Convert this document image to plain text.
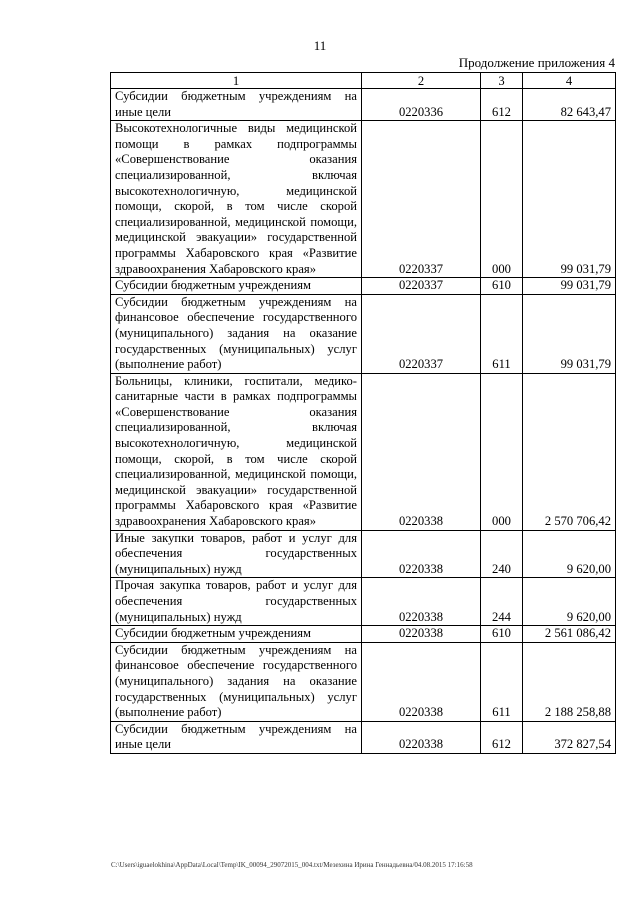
11
Продолжение приложения 4
1	2	3	4
Субсидии бюджетным учреждениям на иные цели	0220336	612	82 643,47
Высокотехнологичные виды медицинской помощи в рамках подпрограммы «Совершенствование оказания специализированной, включая высокотехнологичную, медицинской помощи, скорой, в том числе скорой специализированной, медицинской помощи, медицинской эвакуации» государственной программы Хабаровского края «Развитие здравоохранения Хабаровского края»	0220337	000	99 031,79
Субсидии бюджетным учреждениям	0220337	610	99 031,79
Субсидии бюджетным учреждениям на финансовое обеспечение государственного (муниципального) задания на оказание государственных (муниципальных) услуг (выполнение работ)	0220337	611	99 031,79
Больницы, клиники, госпитали, медико-санитарные части в рамках подпрограммы «Совершенствование оказания специализированной, включая высокотехнологичную, медицинской помощи, скорой, в том числе скорой специализированной, медицинской помощи, медицинской эвакуации» государственной программы Хабаровского края «Развитие здравоохранения Хабаровского края»	0220338	000	2 570 706,42
Иные закупки товаров, работ и услуг для обеспечения государственных (муниципальных) нужд	0220338	240	9 620,00
Прочая закупка товаров, работ и услуг для обеспечения государственных (муниципальных) нужд	0220338	244	9 620,00
Субсидии бюджетным учреждениям	0220338	610	2 561 086,42
Субсидии бюджетным учреждениям на финансовое обеспечение государственного (муниципального) задания на оказание государственных (муниципальных) услуг (выполнение работ)	0220338	611	2 188 258,88
Субсидии бюджетным учреждениям на иные цели	0220338	612	372 827,54
C:\Users\iguaelokhina\AppData\Local\Temp\IK_00094_29072015_004.txt/Мезехина Ирина Геннадьевна/04.08.2015 17:16:58
